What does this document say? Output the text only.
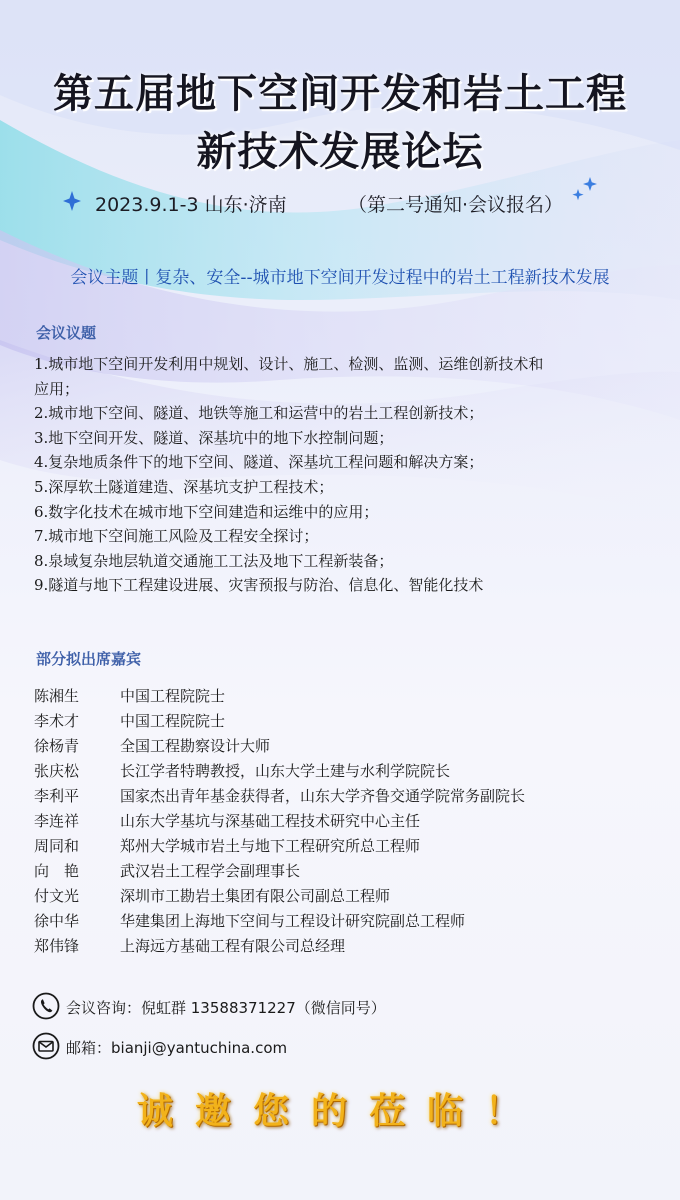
第五届地下空间开发和岩土工程
新技术发展论坛
2023.9.1-3 山东·济南	（第二号通知·会议报名）
会议主题丨复杂、安全--城市地下空间开发过程中的岩土工程新技术发展
会议议题
1.城市地下空间开发利用中规划、设计、施工、检测、监测、运维创新技术和
应用；
2.城市地下空间、隧道、地铁等施工和运营中的岩土工程创新技术；
3.地下空间开发、隧道、深基坑中的地下水控制问题；
4.复杂地质条件下的地下空间、隧道、深基坑工程问题和解决方案；
5.深厚软土隧道建造、深基坑支护工程技术；
6.数字化技术在城市地下空间建造和运维中的应用；
7.城市地下空间施工风险及工程安全探讨；
8.泉域复杂地层轨道交通施工工法及地下工程新装备；
9.隧道与地下工程建设进展、灾害预报与防治、信息化、智能化技术
部分拟出席嘉宾
陈湘生	中国工程院院士
李术才	中国工程院院士
徐杨青	全国工程勘察设计大师
张庆松	长江学者特聘教授，山东大学土建与水利学院院长
李利平	国家杰出青年基金获得者，山东大学齐鲁交通学院常务副院长
李连祥	山东大学基坑与深基础工程技术研究中心主任
周同和	郑州大学城市岩土与地下工程研究所总工程师
向　艳	武汉岩土工程学会副理事长
付文光	深圳市工勘岩土集团有限公司副总工程师
徐中华	华建集团上海地下空间与工程设计研究院副总工程师
郑伟锋	上海远方基础工程有限公司总经理
会议咨询：倪虹群 13588371227（微信同号）
邮箱：bianji@yantuchina.com
诚邀您的莅临！
